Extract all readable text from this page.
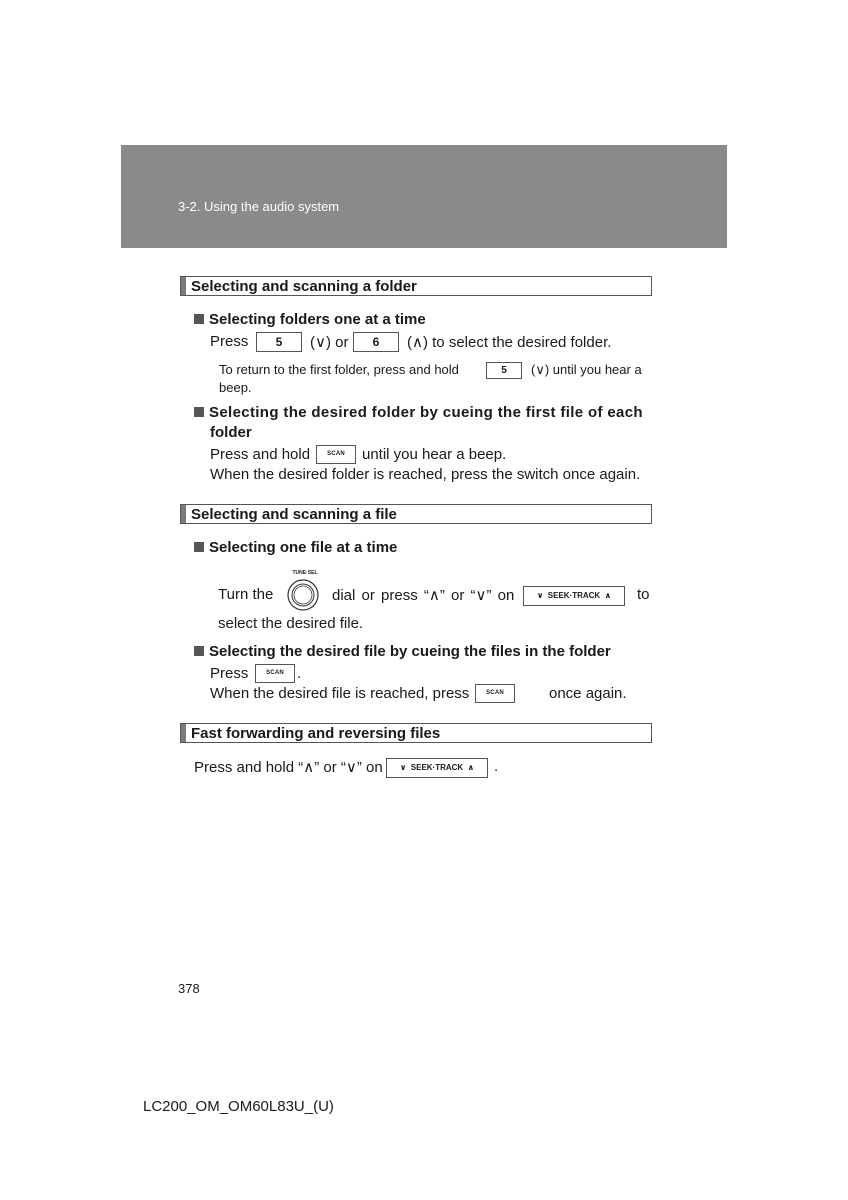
3-2. Using the audio system
Selecting and scanning a folder
Selecting folders one at a time
Press	5	(∨) or	6	(∧) to select the desired folder.
To return to the first folder, press and hold	5	(∨) until you hear a
beep.
Selecting the desired folder by cueing the first file of each
folder
Press and hold	SCAN	until you hear a beep.
When the desired folder is reached, press the switch once again.
Selecting and scanning a file
Selecting one file at a time
Turn the
TUNE·SEL
dial or press “∧” or “∨” on	∨ SEEK·TRACK ∧	to
select the desired file.
Selecting the desired file by cueing the files in the folder
Press	SCAN .
When the desired file is reached, press	SCAN	once again.
Fast forwarding and reversing files
Press and hold “∧” or “∨” on	∨ SEEK·TRACK ∧	.
378
LC200_OM_OM60L83U_(U)
